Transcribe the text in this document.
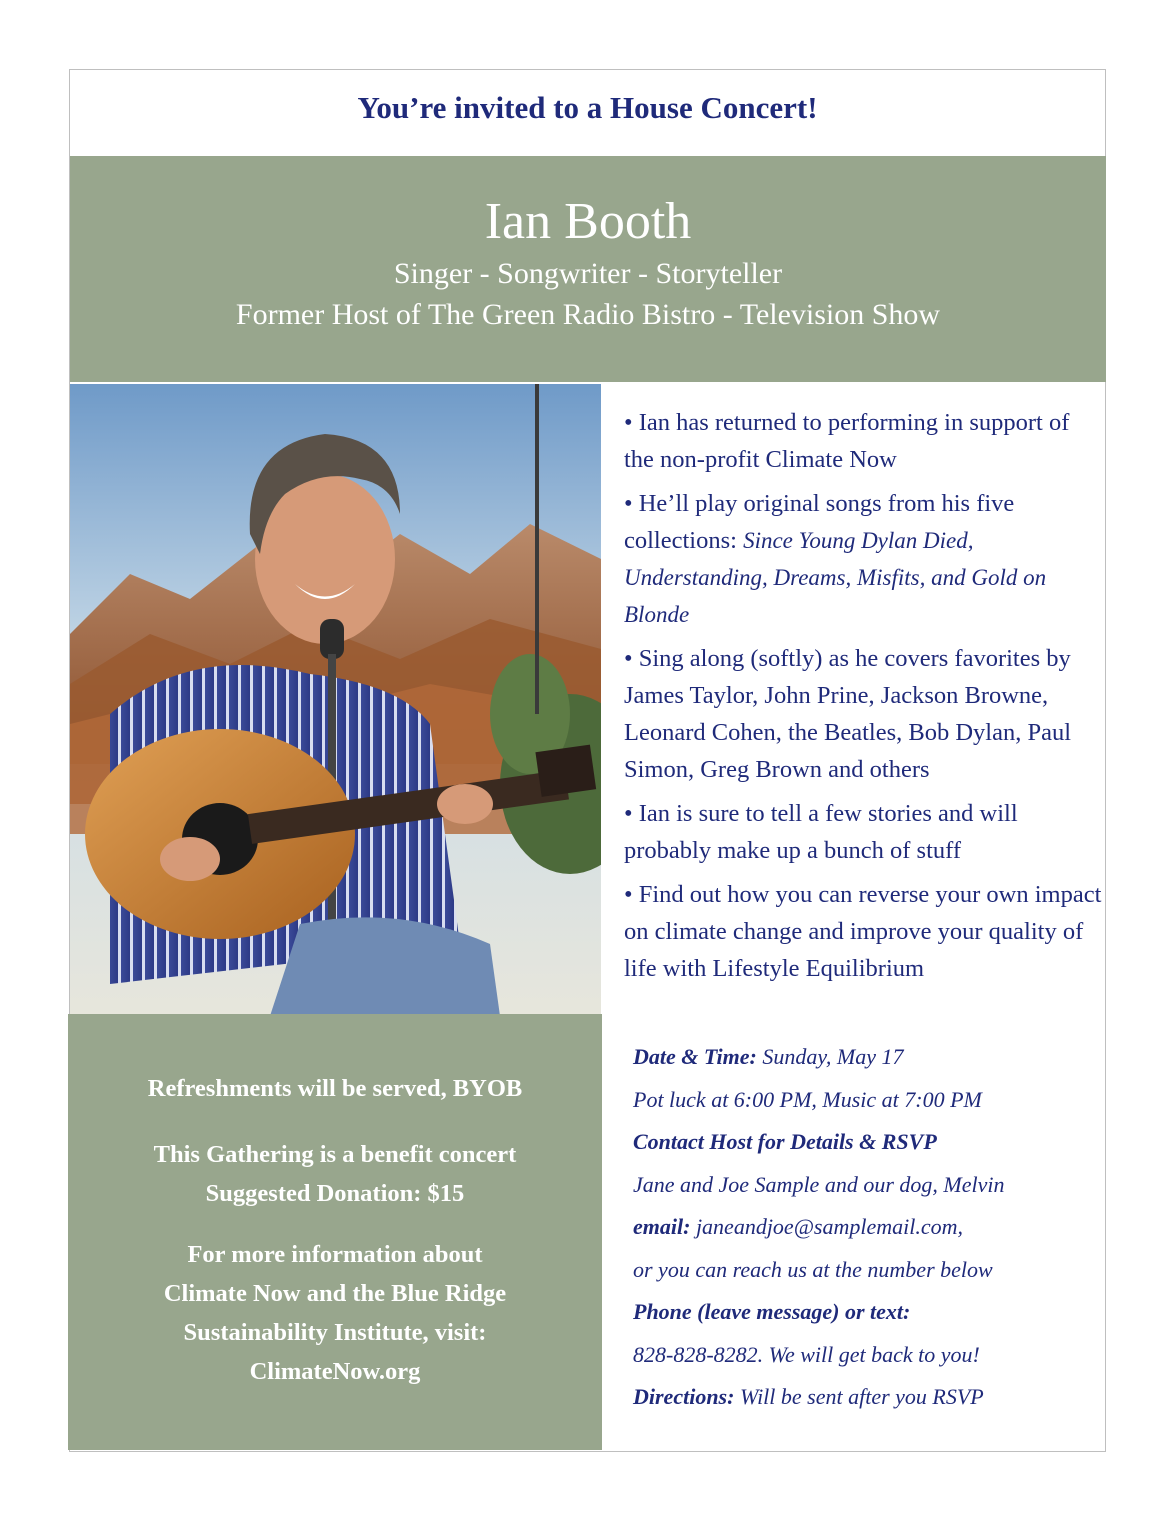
You’re invited to a House Concert!
Ian Booth
Singer - Songwriter - Storyteller
Former Host of The Green Radio Bistro - Television Show

• Ian has returned to performing in support of the non-profit Climate Now

• He’ll play original songs from his five collections: Since Young Dylan Died, Understanding, Dreams, Misfits, and Gold on Blonde

• Sing along (softly) as he covers favorites by James Taylor, John Prine, Jackson Browne, Leonard Cohen, the Beatles, Bob Dylan, Paul Simon, Greg Brown and others

• Ian is sure to tell a few stories and will probably make up a bunch of stuff

• Find out how you can reverse your own impact on climate change and improve your quality of life with Lifestyle Equilibrium

Refreshments will be served, BYOB

This Gathering is a benefit concert

Suggested Donation: $15

For more information about

Climate Now and the Blue Ridge

Sustainability Institute, visit:

ClimateNow.org

Date & Time: Sunday, May 17
Pot luck at 6:00 PM, Music at 7:00 PM
Contact Host for Details & RSVP
Jane and Joe Sample and our dog, Melvin
email: janeandjoe@samplemail.com,
or you can reach us at the number below
Phone (leave message) or text:
828-828-8282. We will get back to you!
Directions: Will be sent after you RSVP
